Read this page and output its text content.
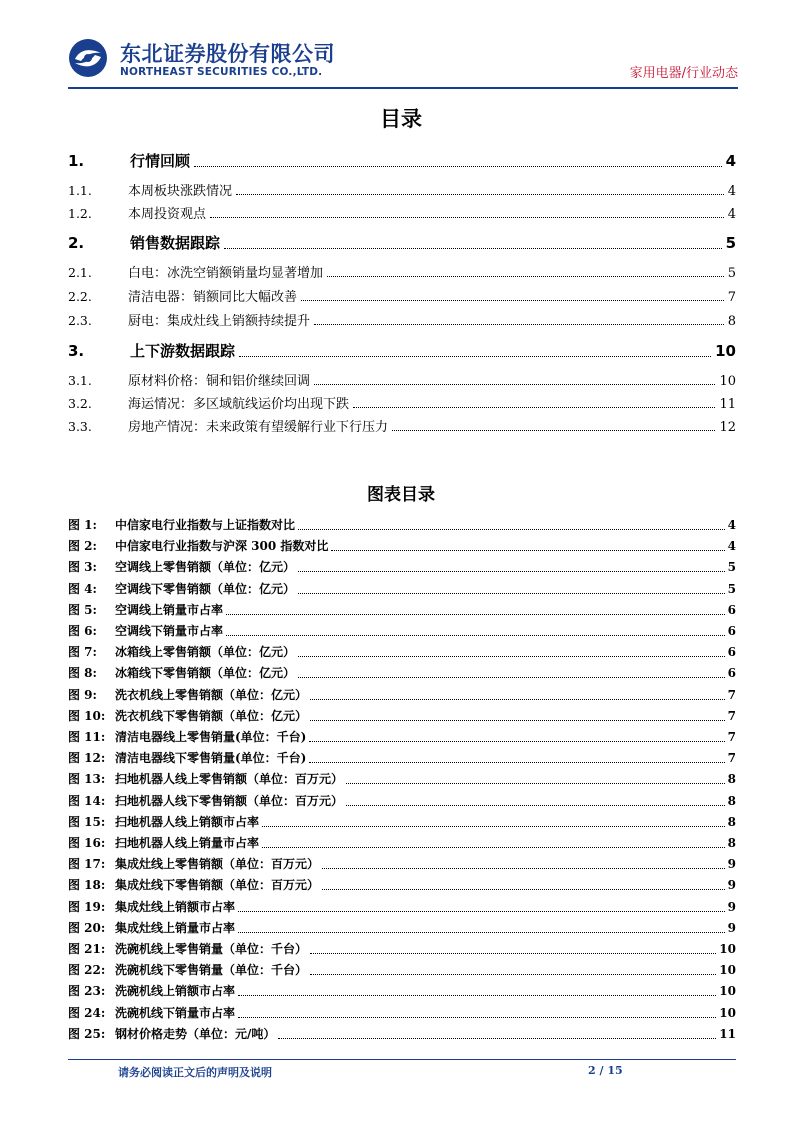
东北证券股份有限公司
NORTHEAST SECURITIES CO.,LTD.	家用电器/行业动态
目录
1.	行情回顾	4
1.1.	本周板块涨跌情况	4
1.2.	本周投资观点	4
2.	销售数据跟踪	5
2.1.	白电：冰洗空销额销量均显著增加	5
2.2.	清洁电器：销额同比大幅改善	7
2.3.	厨电：集成灶线上销额持续提升	8
3.	上下游数据跟踪	10
3.1.	原材料价格：铜和铝价继续回调	10
3.2.	海运情况：多区域航线运价均出现下跌	11
3.3.	房地产情况：未来政策有望缓解行业下行压力	12
图表目录
图 1:	中信家电行业指数与上证指数对比	4
图 2:	中信家电行业指数与沪深 300 指数对比	4
图 3:	空调线上零售销额（单位：亿元）	5
图 4:	空调线下零售销额（单位：亿元）	5
图 5:	空调线上销量市占率	6
图 6:	空调线下销量市占率	6
图 7:	冰箱线上零售销额（单位：亿元）	6
图 8:	冰箱线下零售销额（单位：亿元）	6
图 9:	洗衣机线上零售销额（单位：亿元）	7
图 10: 洗衣机线下零售销额（单位：亿元）	7
图 11: 清洁电器线上零售销量(单位：千台)	7
图 12: 清洁电器线下零售销量(单位：千台)	7
图 13: 扫地机器人线上零售销额（单位：百万元）	8
图 14: 扫地机器人线下零售销额（单位：百万元）	8
图 15: 扫地机器人线上销额市占率	8
图 16: 扫地机器人线上销量市占率	8
图 17: 集成灶线上零售销额（单位：百万元）	9
图 18: 集成灶线下零售销额（单位：百万元）	9
图 19: 集成灶线上销额市占率	9
图 20: 集成灶线上销量市占率	9
图 21: 洗碗机线上零售销量（单位：千台）	10
图 22: 洗碗机线下零售销量（单位：千台）	10
图 23: 洗碗机线上销额市占率	10
图 24: 洗碗机线下销量市占率	10
图 25: 钢材价格走势（单位：元/吨）	11
请务必阅读正文后的声明及说明	2 / 15
